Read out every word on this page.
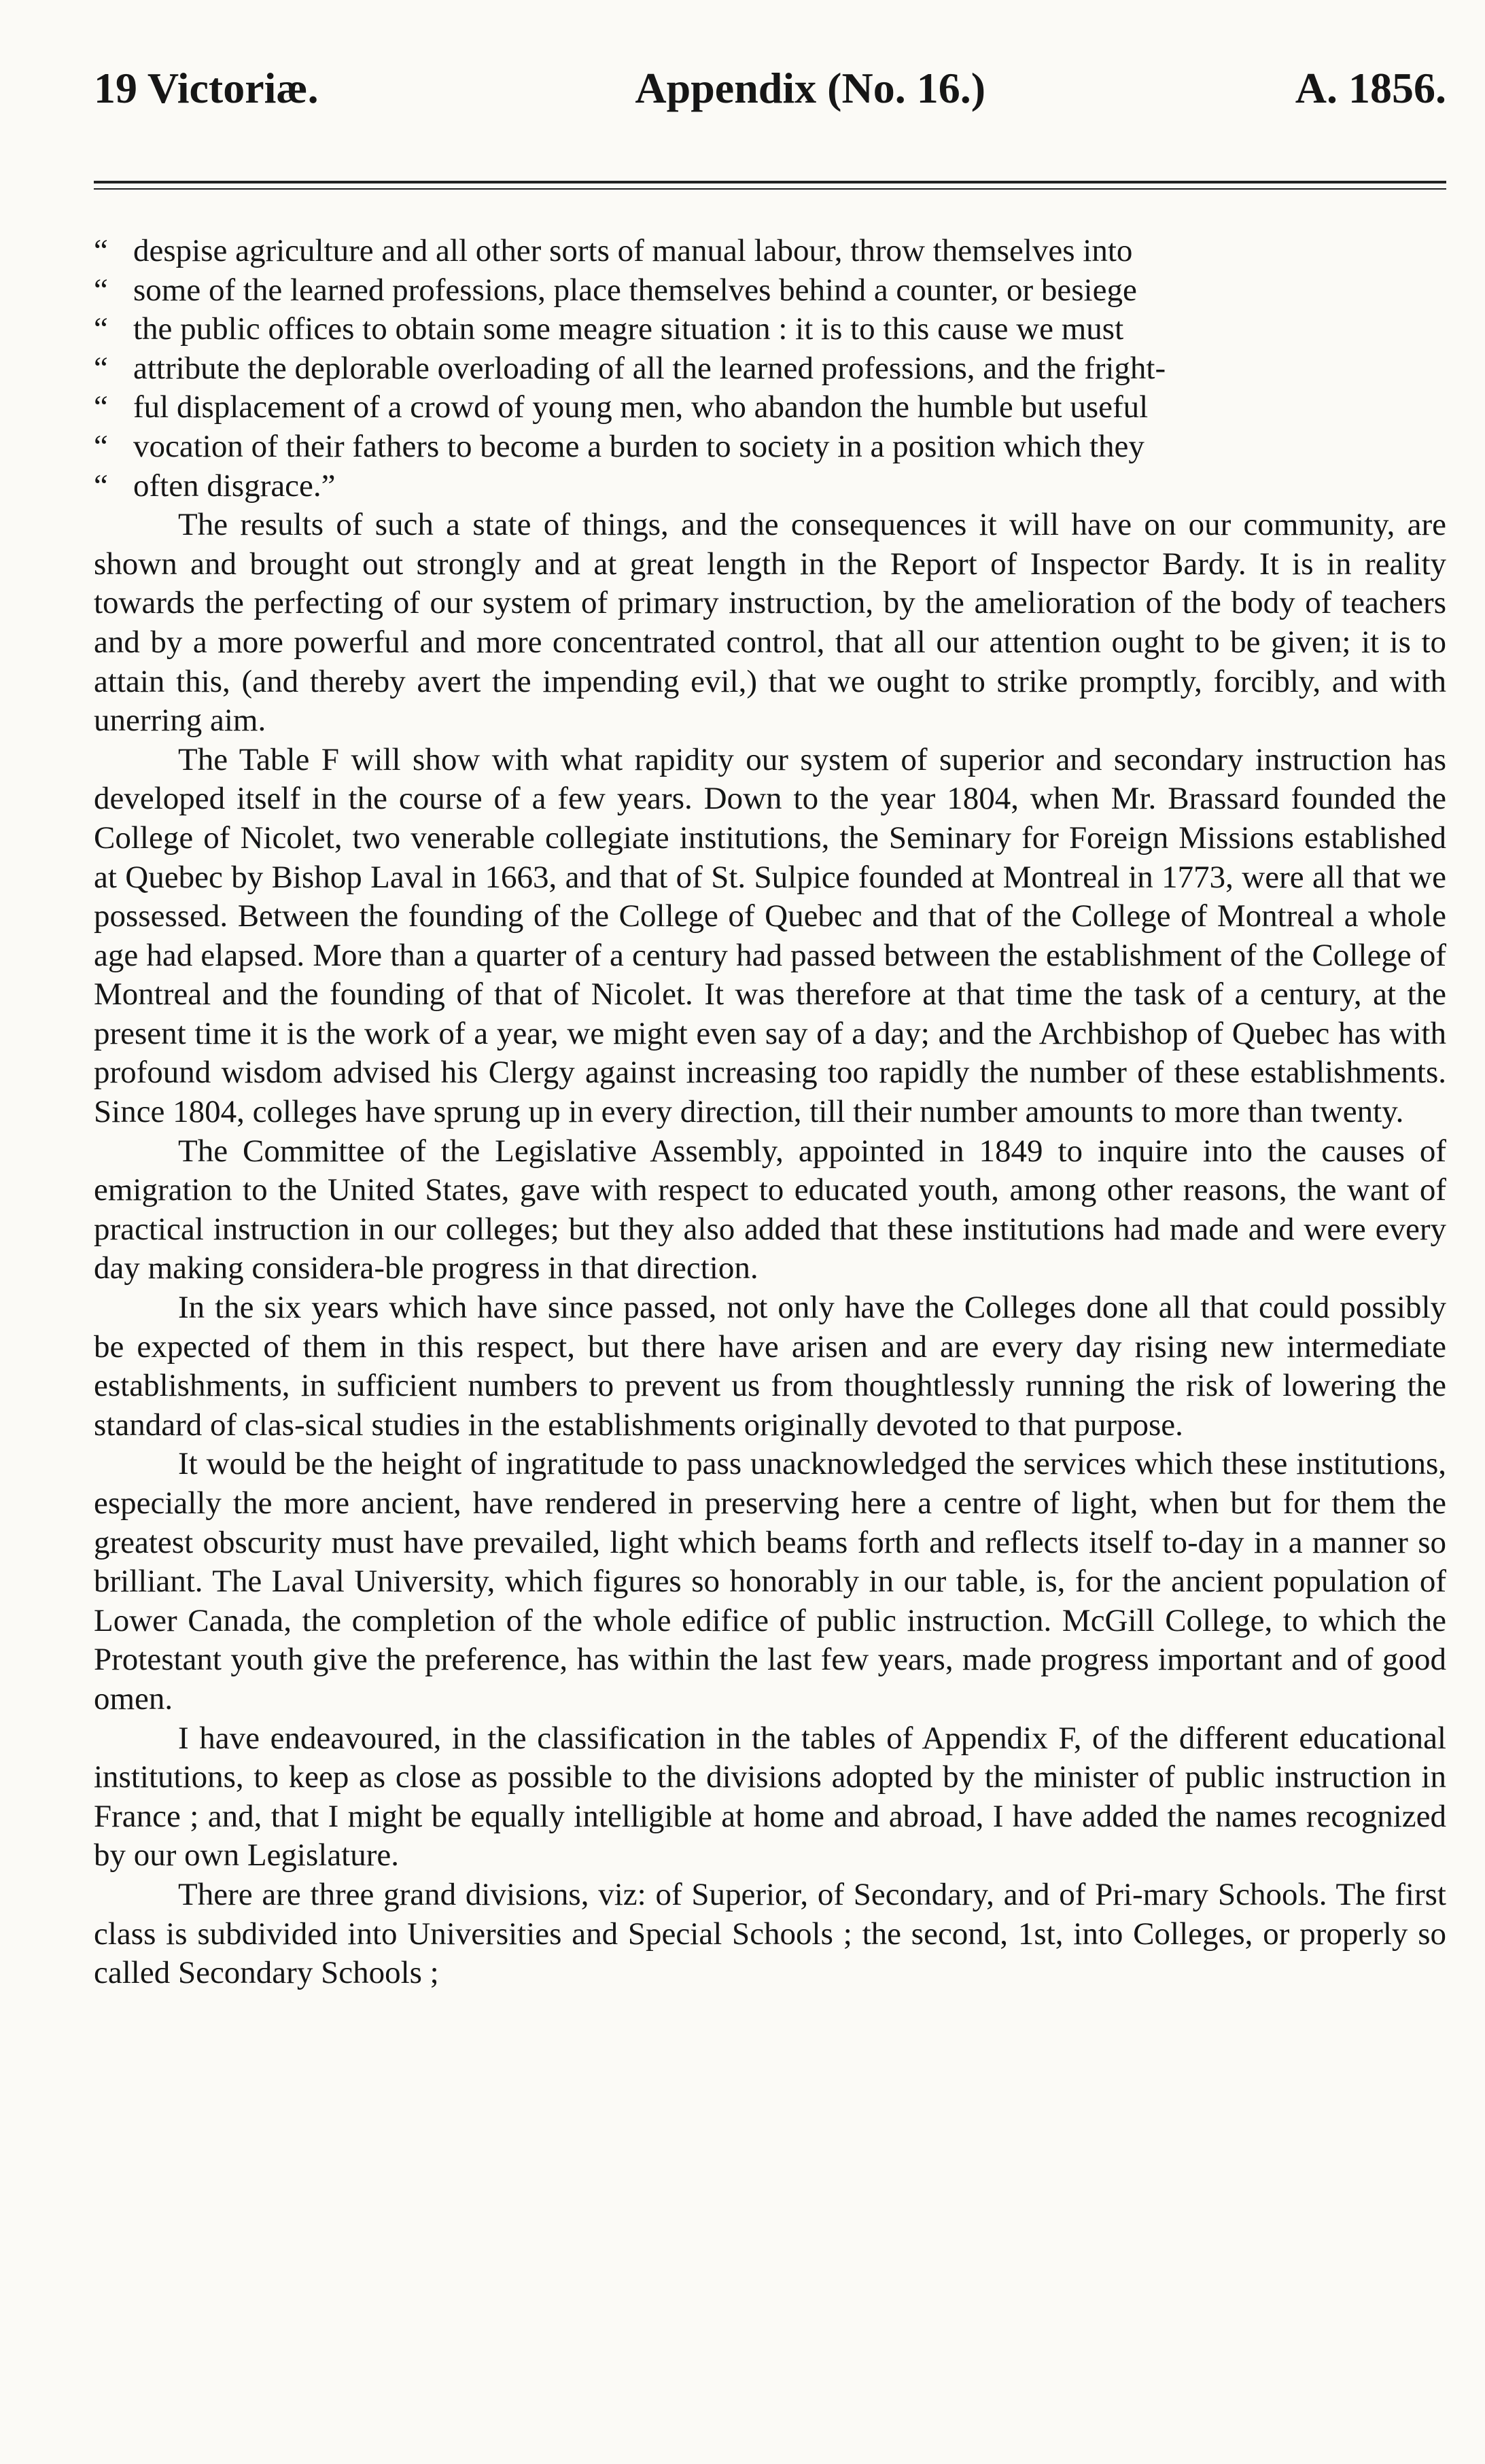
19 Victoriæ.	Appendix (No. 16.)	A. 1856.

“ despise agriculture and all other sorts of manual labour, throw themselves into

“ some of the learned professions, place themselves behind a counter, or besiege

“ the public offices to obtain some meagre situation : it is to this cause we must

“ attribute the deplorable overloading of all the learned professions, and the fright-

“ ful displacement of a crowd of young men, who abandon the humble but useful

“ vocation of their fathers to become a burden to society in a position which they

“ often disgrace.”

The results of such a state of things, and the consequences it will have on our community, are shown and brought out strongly and at great length in the Report of Inspector Bardy. It is in reality towards the perfecting of our system of primary instruction, by the amelioration of the body of teachers and by a more powerful and more concentrated control, that all our attention ought to be given; it is to attain this, (and thereby avert the impending evil,) that we ought to strike promptly, forcibly, and with unerring aim.

The Table F will show with what rapidity our system of superior and secondary instruction has developed itself in the course of a few years. Down to the year 1804, when Mr. Brassard founded the College of Nicolet, two venerable collegiate institutions, the Seminary for Foreign Missions established at Quebec by Bishop Laval in 1663, and that of St. Sulpice founded at Montreal in 1773, were all that we possessed. Between the founding of the College of Quebec and that of the College of Montreal a whole age had elapsed. More than a quarter of a century had passed between the establishment of the College of Montreal and the founding of that of Nicolet. It was therefore at that time the task of a century, at the present time it is the work of a year, we might even say of a day; and the Archbishop of Quebec has with profound wisdom advised his Clergy against increasing too rapidly the number of these establishments. Since 1804, colleges have sprung up in every direction, till their number amounts to more than twenty.

The Committee of the Legislative Assembly, appointed in 1849 to inquire into the causes of emigration to the United States, gave with respect to educated youth, among other reasons, the want of practical instruction in our colleges; but they also added that these institutions had made and were every day making considera-ble progress in that direction.

In the six years which have since passed, not only have the Colleges done all that could possibly be expected of them in this respect, but there have arisen and are every day rising new intermediate establishments, in sufficient numbers to prevent us from thoughtlessly running the risk of lowering the standard of clas-sical studies in the establishments originally devoted to that purpose.

It would be the height of ingratitude to pass unacknowledged the services which these institutions, especially the more ancient, have rendered in preserving here a centre of light, when but for them the greatest obscurity must have prevailed, light which beams forth and reflects itself to-day in a manner so brilliant. The Laval University, which figures so honorably in our table, is, for the ancient population of Lower Canada, the completion of the whole edifice of public instruction. McGill College, to which the Protestant youth give the preference, has within the last few years, made progress important and of good omen.

I have endeavoured, in the classification in the tables of Appendix F, of the different educational institutions, to keep as close as possible to the divisions adopted by the minister of public instruction in France ; and, that I might be equally intelligible at home and abroad, I have added the names recognized by our own Legislature.

There are three grand divisions, viz: of Superior, of Secondary, and of Pri-mary Schools. The first class is subdivided into Universities and Special Schools ; the second, 1st, into Colleges, or properly so called Secondary Schools ;
